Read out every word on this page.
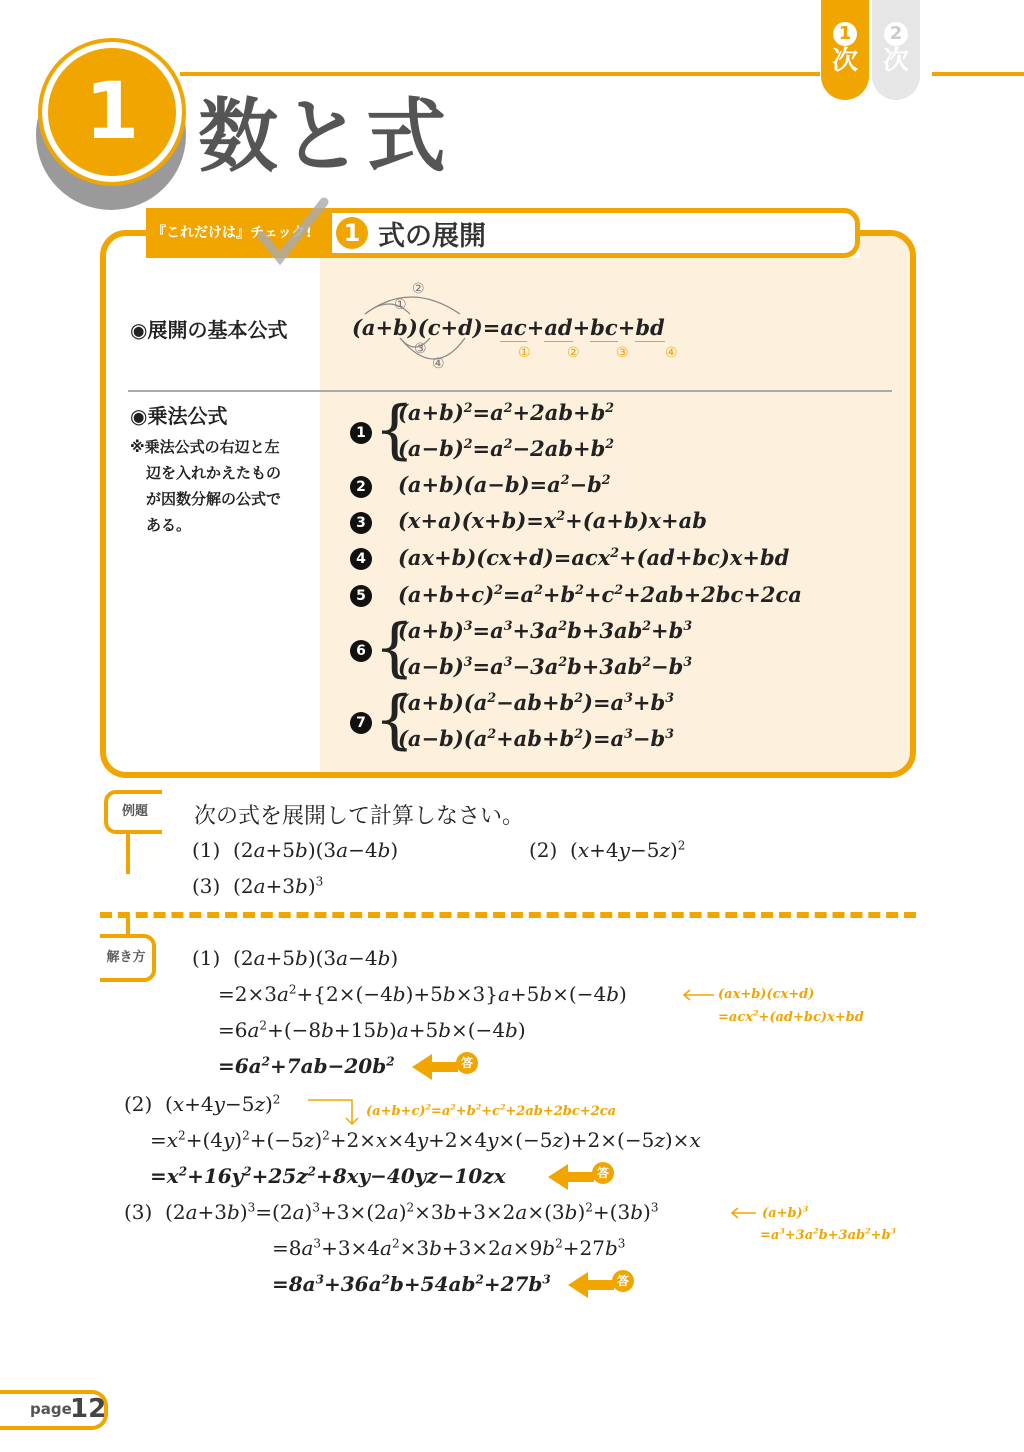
1 数と式
1
次
2
次
『これだけは』チェック!	1 式の展開
◉展開の基本公式
②
①
③
④
(a+b)(c+d)=ac+ad+bc+bd
①	②	③	④
◉乗法公式
※乗法公式の右辺と左
辺を入れかえたもの
が因数分解の公式で
ある。
1 {
$(a+b)^2=a^2+2ab+b^2$
$(a-b)^2=a^2-2ab+b^2$
2 $(a+b)(a-b)=a^2-b^2$
3 $(x+a)(x+b)=x^2+(a+b)x+ab$
4 (ax+b)(cx+d)=acx$^2$+(ad+bc)x+bd
5 $(a+b+c)^2=a^2+b^2+c^2+2ab+2bc+2ca$
6 {
$(a+b)^3=a^3+3a^2b+3ab^2+b^3$
$(a-b)^3=a^3-3a^2b+3ab^2-b^3$
7 {
$(a+b)(a^2-ab+b^2)=a^3+b^3$
$(a-b)(a^2+ab+b^2)=a^3-b^3$
例題	次の式を展開して計算しなさい。
(1)  (2a+5b)(3a−4b)	(2)  $(x+4y-5z)^2$
(3)  $(2a+3b)^3$
解き方	(1)  (2a+5b)(3a−4b)
$=2\times 3a^2+\{2\times(-4b)+5b\times 3\}a+5b\times(-4b)$	(ax+b)(cx+d)
=acx$^2$+(ad+bc)x+bd
$=6a^2+(-8b+15b)a+5b\times(-4b)$
$=6a^2+7ab-20b^2$	答
(2)  $(x+4y-5z)^2$
$(a+b+c)^2=a^2+b^2+c^2+2ab+2bc+2ca$
$=x^2+(4y)^2+(-5z)^2+2\times x\times 4y+2\times 4y\times(-5z)+2\times(-5z)\times x$
$=x^2+16y^2+25z^2+8xy-40yz-10zx$	答
(3)  $(2a+3b)^3=(2a)^3+3\times(2a)^2\times 3b+3\times 2a\times(3b)^2+(3b)^3$	$(a+b)^3$
$=a^3+3a^2b+3ab^2+b^3$
$=8a^3+3\times 4a^2\times 3b+3\times 2a\times 9b^2+27b^3$
$=8a^3+36a^2b+54ab^2+27b^3$	答
page
12
